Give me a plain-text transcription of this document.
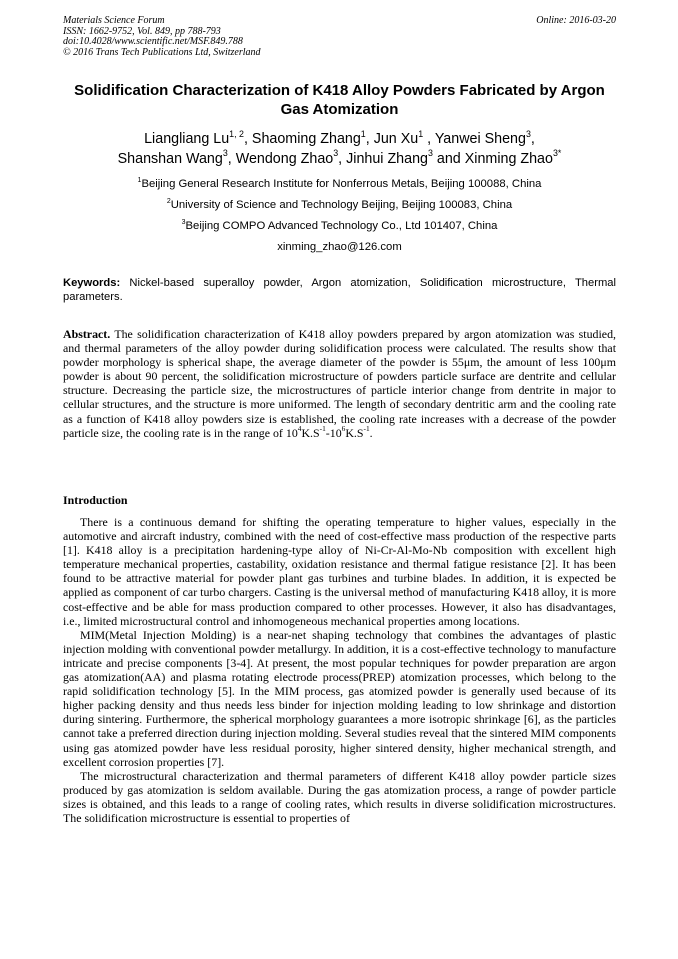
Materials Science Forum
ISSN: 1662-9752, Vol. 849, pp 788-793
doi:10.4028/www.scientific.net/MSF.849.788
© 2016 Trans Tech Publications Ltd, Switzerland
Online: 2016-03-20
Solidification Characterization of K418 Alloy Powders Fabricated by Argon Gas Atomization
Liangliang Lu$^{1, 2}$, Shaoming Zhang$^1$, Jun Xu$^1$ , Yanwei Sheng$^3$,
Shanshan Wang$^3$, Wendong Zhao$^3$, Jinhui Zhang$^3$ and Xinming Zhao$^{3*}$
$^1$Beijing General Research Institute for Nonferrous Metals, Beijing 100088, China
$^2$University of Science and Technology Beijing, Beijing 100083, China
$^3$Beijing COMPO Advanced Technology Co., Ltd 101407, China
xinming_zhao@126.com
Keywords: Nickel-based superalloy powder, Argon atomization, Solidification microstructure, Thermal parameters.
Abstract. The solidification characterization of K418 alloy powders prepared by argon atomization was studied, and thermal parameters of the alloy powder during solidification process were calculated. The results show that powder morphology is spherical shape, the average diameter of the powder is 55μm, the amount of less 100μm powder is about 90 percent, the solidification microstructure of powders particle surface are dentrite and cellular structure. Decreasing the particle size, the microstructures of particle interior change from dentrite in major to cellular structures, and the structure is more uniformed. The length of secondary dentritic arm and the cooling rate as a function of K418 alloy powders size is established, the cooling rate increases with a decrease of the powder particle size, the cooling rate is in the range of $10^4K.S^{-1}-10^6K.S^{-1}$.
Introduction

There is a continuous demand for shifting the operating temperature to higher values, especially in the automotive and aircraft industry, combined with the need of cost-effective mass production of the respective parts [1]. K418 alloy is a precipitation hardening-type alloy of Ni-Cr-Al-Mo-Nb composition with excellent high temperature mechanical properties, castability, oxidation resistance and thermal fatigue resistance [2]. It has been found to be attractive material for powder plant gas turbines and turbine blades. In addition, it is expected be applied as component of car turbo chargers. Casting is the universal method of manufacturing K418 alloy, it is more cost-effective and be able for mass production compared to other processes. However, it also has disadvantages, i.e., limited microstructural control and inhomogeneous mechanical properties among locations.

MIM(Metal Injection Molding) is a near-net shaping technology that combines the advantages of plastic injection molding with conventional powder metallurgy. In addition, it is a cost-effective technology to manufacture intricate and precise components [3-4]. At present, the most popular techniques for powder preparation are argon gas atomization(AA) and plasma rotating electrode process(PREP) atomization processes, which belong to the rapid solidification technology [5]. In the MIM process, gas atomized powder is generally used because of its higher packing density and thus needs less binder for injection molding leading to low shrinkage and distortion during sintering. Furthermore, the spherical morphology guarantees a more isotropic shrinkage [6], as the particles cannot take a preferred direction during injection molding. Several studies reveal that the sintered MIM components using gas atomized powder have less residual porosity, higher sintered density, higher mechanical strength, and excellent corrosion properties [7].

The microstructural characterization and thermal parameters of different K418 alloy powder particle sizes produced by gas atomization is seldom available. During the gas atomization process, a range of powder particle sizes is obtained, and this leads to a range of cooling rates, which results in diverse solidification microstructures. The solidification microstructure is essential to properties of
